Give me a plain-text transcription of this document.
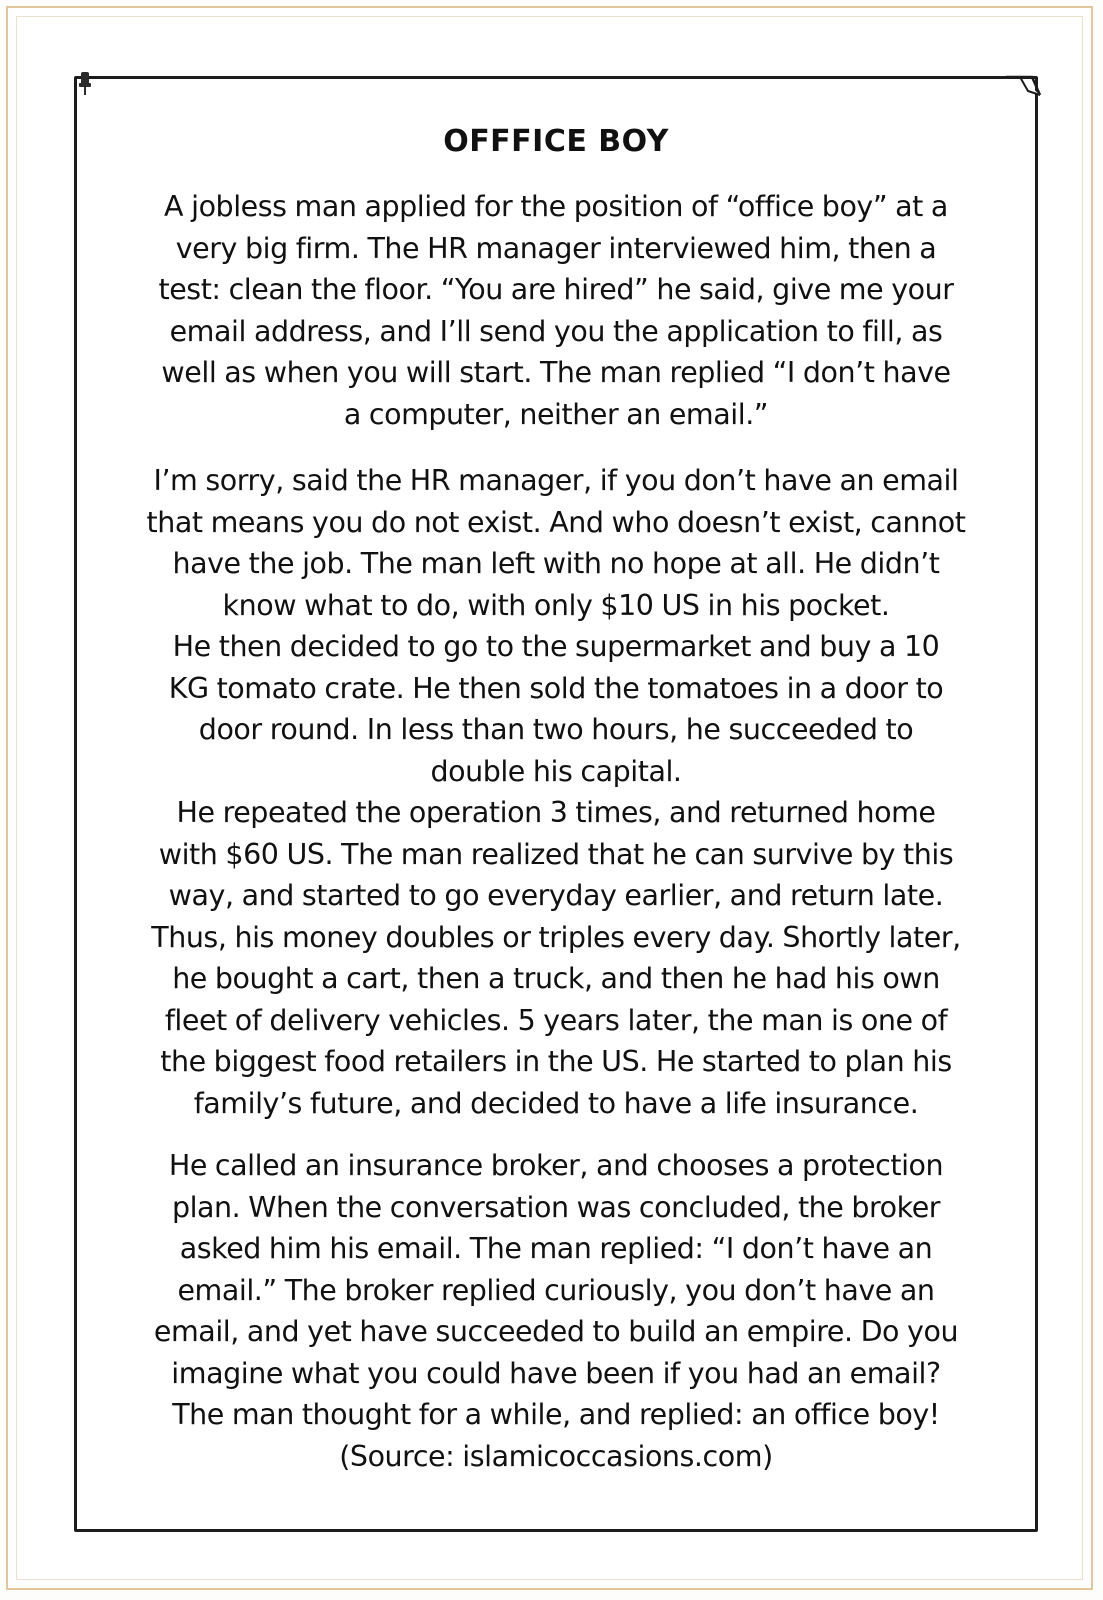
OFFFICE BOY

A jobless man applied for the position of “office boy” at a
very big firm. The HR manager interviewed him, then a
test: clean the floor. “You are hired” he said, give me your
email address, and I’ll send you the application to fill, as
well as when you will start. The man replied “I don’t have
a computer, neither an email.”

I’m sorry, said the HR manager, if you don’t have an email
that means you do not exist. And who doesn’t exist, cannot
have the job. The man left with no hope at all. He didn’t
know what to do, with only $10 US in his pocket.
He then decided to go to the supermarket and buy a 10
KG tomato crate. He then sold the tomatoes in a door to
door round. In less than two hours, he succeeded to
double his capital.
He repeated the operation 3 times, and returned home
with $60 US. The man realized that he can survive by this
way, and started to go everyday earlier, and return late.
Thus, his money doubles or triples every day. Shortly later,
he bought a cart, then a truck, and then he had his own
fleet of delivery vehicles. 5 years later, the man is one of
the biggest food retailers in the US. He started to plan his
family’s future, and decided to have a life insurance.

He called an insurance broker, and chooses a protection
plan. When the conversation was concluded, the broker
asked him his email. The man replied: “I don’t have an
email.” The broker replied curiously, you don’t have an
email, and yet have succeeded to build an empire. Do you
imagine what you could have been if you had an email?
The man thought for a while, and replied: an office boy!
(Source: islamicoccasions.com)
